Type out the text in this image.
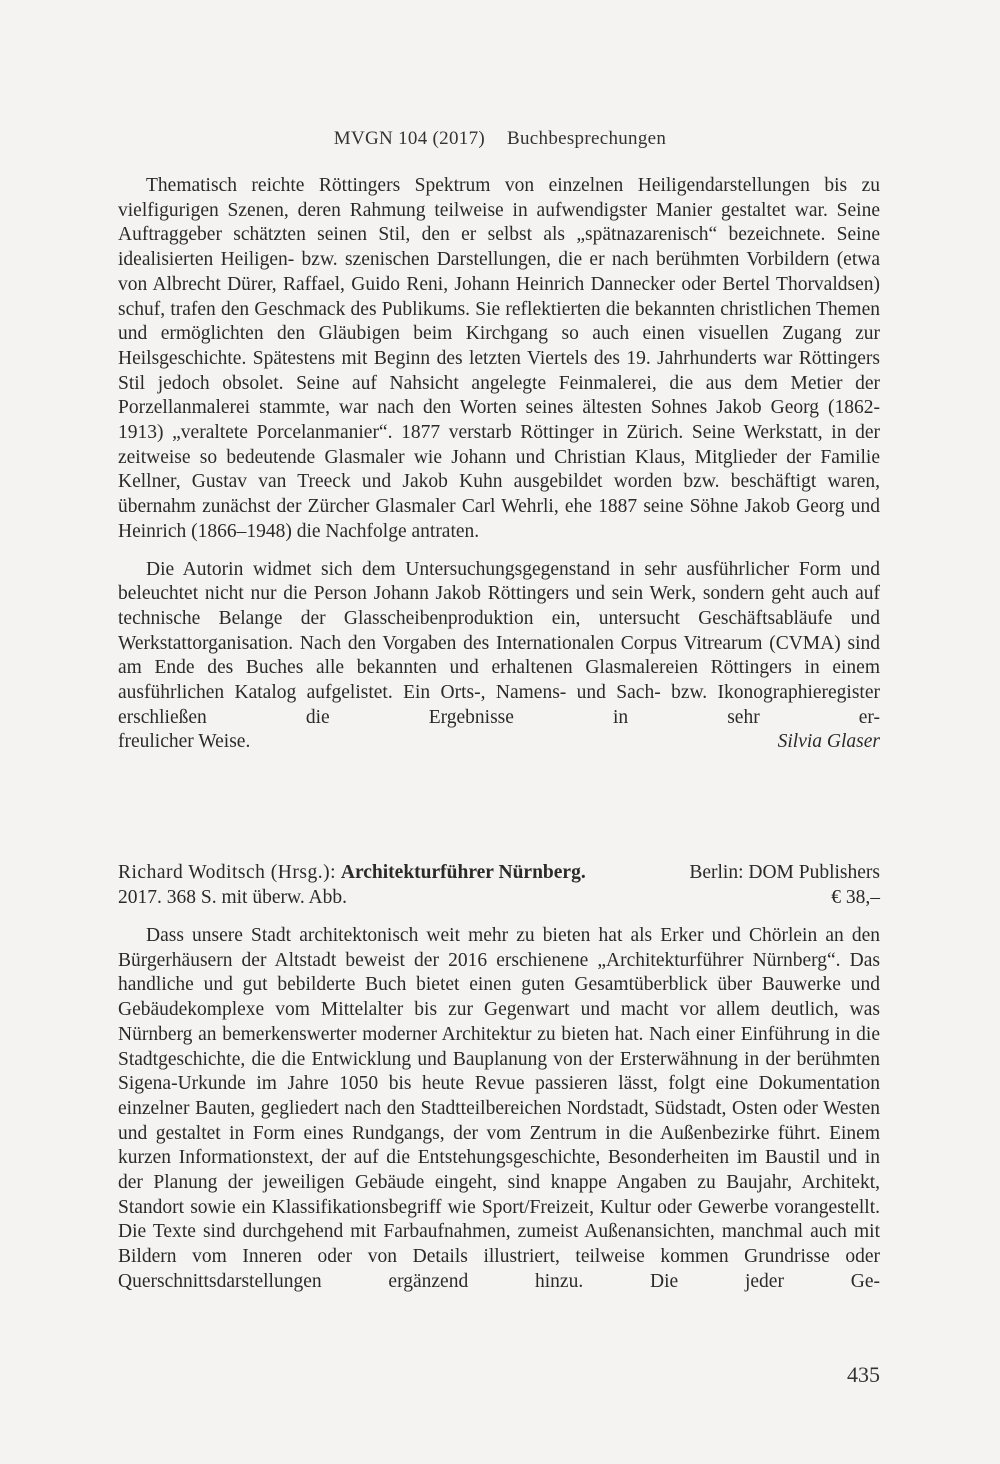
MVGN 104 (2017) Buchbesprechungen

Thematisch reichte Röttingers Spektrum von einzelnen Heiligendarstellungen bis zu vielfigurigen Szenen, deren Rahmung teilweise in aufwendigster Manier gestaltet war. Seine Auftraggeber schätzten seinen Stil, den er selbst als „spätnazarenisch“ bezeichnete. Seine idealisierten Heiligen- bzw. szenischen Darstellungen, die er nach berühmten Vorbildern (etwa von Albrecht Dürer, Raffael, Guido Reni, Johann Heinrich Dannecker oder Bertel Thorvaldsen) schuf, trafen den Geschmack des Publikums. Sie reflektierten die bekannten christlichen Themen und ermöglichten den Gläubigen beim Kirchgang so auch einen visuellen Zugang zur Heilsgeschichte. Spätestens mit Beginn des letzten Viertels des 19. Jahrhunderts war Röttingers Stil jedoch obsolet. Seine auf Nahsicht angelegte Feinmalerei, die aus dem Metier der Porzellanmalerei stammte, war nach den Worten seines ältesten Sohnes Jakob Georg (1862-1913) „veraltete Porcelanmanier“. 1877 verstarb Röttinger in Zürich. Seine Werkstatt, in der zeitweise so bedeutende Glasmaler wie Johann und Christian Klaus, Mitglieder der Familie Kellner, Gustav van Treeck und Jakob Kuhn ausgebildet worden bzw. beschäftigt waren, übernahm zunächst der Zürcher Glasmaler Carl Wehrli, ehe 1887 seine Söhne Jakob Georg und Heinrich (1866–1948) die Nachfolge antraten.

Die Autorin widmet sich dem Untersuchungsgegenstand in sehr ausführlicher Form und beleuchtet nicht nur die Person Johann Jakob Röttingers und sein Werk, sondern geht auch auf technische Belange der Glasscheibenproduktion ein, untersucht Geschäftsabläufe und Werkstattorganisation. Nach den Vorgaben des Internationalen Corpus Vitrearum (CVMA) sind am Ende des Buches alle bekannten und erhaltenen Glasmalereien Röttingers in einem ausführlichen Katalog aufgelistet. Ein Orts-, Namens- und Sach- bzw. Ikonographieregister erschließen die Ergebnisse in sehr er-

freulicher Weise.	Silvia Glaser
Richard Woditsch (Hrsg.): Architekturführer Nürnberg.	Berlin: DOM Publishers
2017. 368 S. mit überw. Abb.	€ 38,–

Dass unsere Stadt architektonisch weit mehr zu bieten hat als Erker und Chörlein an den Bürgerhäusern der Altstadt beweist der 2016 erschienene „Architekturführer Nürnberg“. Das handliche und gut bebilderte Buch bietet einen guten Gesamtüberblick über Bauwerke und Gebäudekomplexe vom Mittelalter bis zur Gegenwart und macht vor allem deutlich, was Nürnberg an bemerkenswerter moderner Architektur zu bieten hat. Nach einer Einführung in die Stadtgeschichte, die die Entwicklung und Bauplanung von der Ersterwähnung in der berühmten Sigena-Urkunde im Jahre 1050 bis heute Revue passieren lässt, folgt eine Dokumentation einzelner Bauten, gegliedert nach den Stadtteilbereichen Nordstadt, Südstadt, Osten oder Westen und gestaltet in Form eines Rundgangs, der vom Zentrum in die Außenbezirke führt. Einem kurzen Informationstext, der auf die Entstehungsgeschichte, Besonderheiten im Baustil und in der Planung der jeweiligen Gebäude eingeht, sind knappe Angaben zu Baujahr, Architekt, Standort sowie ein Klassifikationsbegriff wie Sport/Freizeit, Kultur oder Gewerbe vorangestellt. Die Texte sind durchgehend mit Farbaufnahmen, zumeist Außenansichten, manchmal auch mit Bildern vom Inneren oder von Details illustriert, teilweise kommen Grundrisse oder Querschnittsdarstellungen ergänzend hinzu. Die jeder Ge-

435
